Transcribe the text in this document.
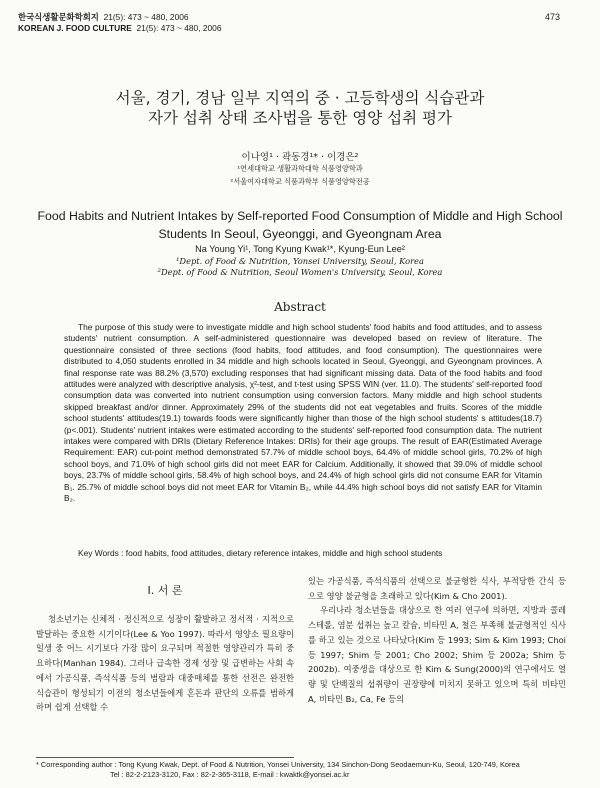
한국식생활문화학회지 21(5): 473 ~ 480, 2006
KOREAN J. FOOD CULTURE 21(5): 473 ~ 480, 2006
473
서울, 경기, 경남 일부 지역의 중 · 고등학생의 식습관과
자가 섭취 상태 조사법을 통한 영양 섭취 평가
이나영¹ · 곽동경¹* · 이경은²
¹연세대학교 생활과학대학 식품영양학과
²서울여자대학교 식품과학부 식품영양학전공
Food Habits and Nutrient Intakes by Self-reported Food Consumption of Middle and High School
Students In Seoul, Gyeonggi, and Gyeongnam Area
Na Young Yi¹, Tong Kyung Kwak¹*, Kyung-Eun Lee²
¹Dept. of Food & Nutrition, Yonsei University, Seoul, Korea
²Dept. of Food & Nutrition, Seoul Women's University, Seoul, Korea
Abstract

The purpose of this study were to investigate middle and high school students' food habits and food attitudes, and to assess students' nutrient consumption. A self-administered questionnaire was developed based on review of literature. The questionnaire consisted of three sections (food habits, food attitudes, and food consumption). The questionnaires were distributed to 4,050 students enrolled in 34 middle and high schools located in Seoul, Gyeonggi, and Gyeongnam provinces. A final response rate was 88.2% (3,570) excluding responses that had significant missing data. Data of the food habits and food attitudes were analyzed with descriptive analysis, χ²-test, and t-test using SPSS WIN (ver. 11.0). The students' self-reported food consumption data was converted into nutrient consumption using conversion factors. Many middle and high school students skipped breakfast and/or dinner. Approximately 29% of the students did not eat vegetables and fruits. Scores of the middle school students' attitudes(19.1) towards foods were significantly higher than those of the high school students' s attitudes(18.7) (p<.001). Students' nutrient intakes were estimated according to the students' self-reported food consumption data. The nutrient intakes were compared with DRIs (Dietary Reference Intakes: DRIs) for their age groups. The result of EAR(Estimated Average Requirement: EAR) cut-point method demonstrated 57.7% of middle school boys, 64.4% of middle school girls, 70.2% of high school boys, and 71.0% of high school girls did not meet EAR for Calcium. Additionally, it showed that 39.0% of middle school boys, 23.7% of middle school girls, 58.4% of high school boys, and 24.4% of high school girls did not consume EAR for Vitamin B₁. 25.7% of middle school boys did not meet EAR for Vitamin B₂, while 44.4% high school boys did not satisfy EAR for Vitamin B₂.

Key Words : food habits, food attitudes, dietary reference intakes, middle and high school students
Ⅰ. 서 론

청소년기는 신체적 · 정신적으로 성장이 활발하고 정서적 · 지적으로 발달하는 중요한 시기이다(Lee & Yoo 1997). 따라서 영양소 필요량이 일생 중 어느 시기보다 가장 많이 요구되며 적절한 영양관리가 특히 중요하다(Manhan 1984). 그러나 급속한 경제 성장 및 급변하는 사회 속에서 가공식품, 즉석식품 등의 범람과 대중매체를 통한 선전은 완전한 식습관이 형성되기 이전의 청소년들에게 혼돈과 판단의 오류를 범하게 하며 쉽게 선택할 수

있는 가공식품, 즉석식품의 선택으로 불균형한 식사, 부적당한 간식 등으로 영양 불균형을 초래하고 있다(Kim & Cho 2001).

우리나라 청소년들을 대상으로 한 여러 연구에 의하면, 지방과 콜레스테롤, 염분 섭취는 높고 칼슘, 비타민 A, 철은 부족해 불균형적인 식사를 하고 있는 것으로 나타났다(Kim 등 1993; Sim & Kim 1993; Choi 등 1997; Shim 등 2001; Cho 2002; Shim 등 2002a; Shim 등 2002b). 여중생을 대상으로 한 Kim & Sung(2000)의 연구에서도 열량 및 단백질의 섭취량이 권장량에 미치지 못하고 있으며 특히 비타민 A, 비타민 B₂, Ca, Fe 등의

* Corresponding author : Tong Kyung Kwak, Dept. of Food & Nutrition, Yonsei University, 134 Sinchon-Dong Seodaemun-Ku, Seoul, 120-749, Korea
Tel : 82-2-2123-3120, Fax : 82-2-365-3118, E-mail : kwaktk@yonsei.ac.kr
